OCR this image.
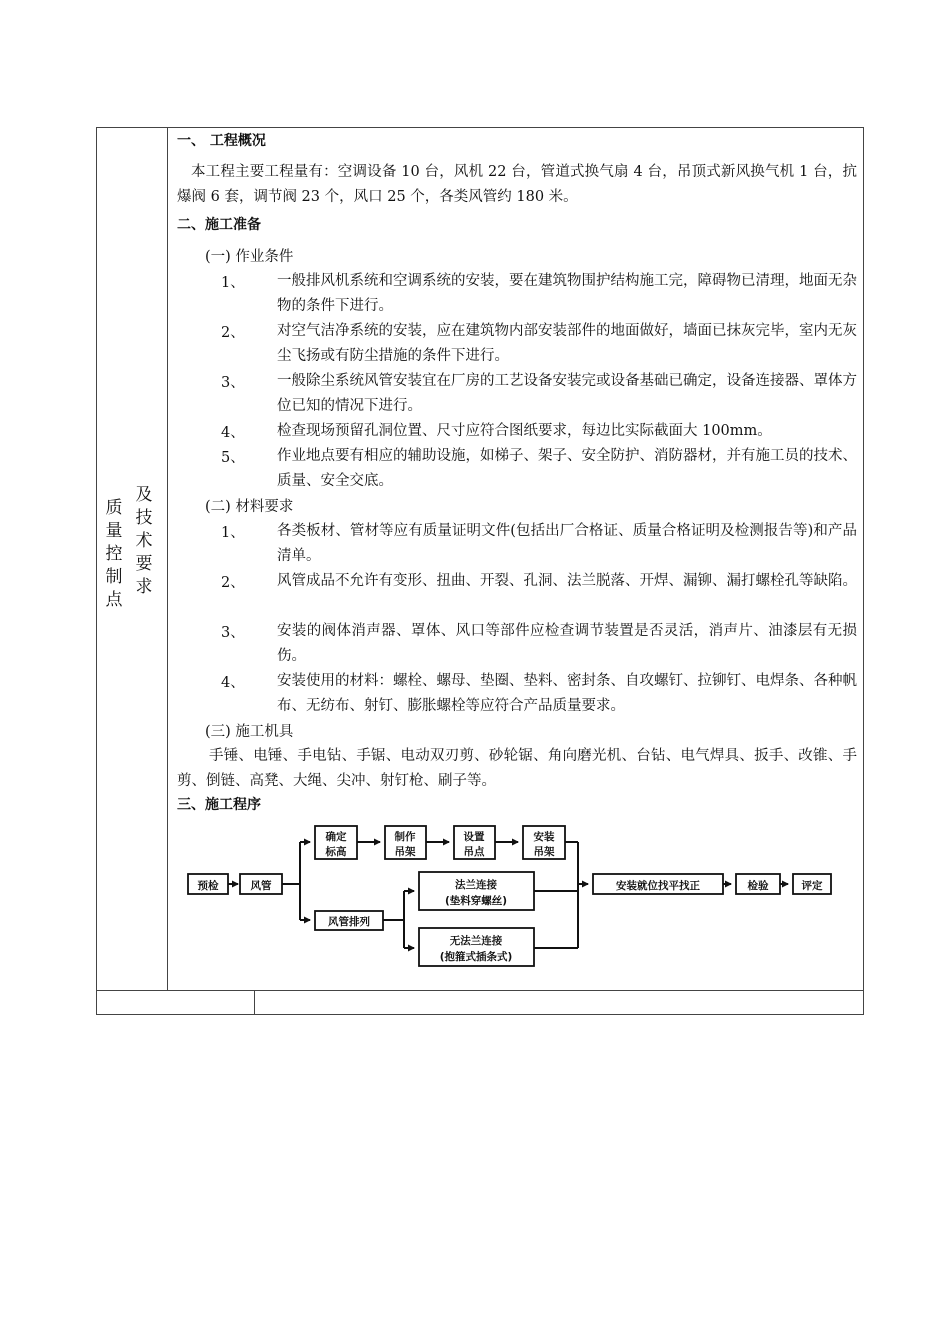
质
量
控
制
点
及
技
术
要
求
一、 工程概况
本工程主要工程量有：空调设备 10 台，风机 22 台，管道式换气扇 4 台，吊顶式新风换气机 1 台，抗爆阀 6 套，调节阀 23 个，风口 25 个，各类风管约 180 米。
二、施工准备
(一) 作业条件
1、	一般排风机系统和空调系统的安装，要在建筑物围护结构施工完，障碍物已清理，地面无杂物的条件下进行。
2、	对空气洁净系统的安装，应在建筑物内部安装部件的地面做好，墙面已抹灰完毕，室内无灰尘飞扬或有防尘措施的条件下进行。
3、	一般除尘系统风管安装宜在厂房的工艺设备安装完或设备基础已确定，设备连接器、罩体方位已知的情况下进行。
4、	检查现场预留孔洞位置、尺寸应符合图纸要求，每边比实际截面大 100mm。
5、	作业地点要有相应的辅助设施，如梯子、架子、安全防护、消防器材，并有施工员的技术、质量、安全交底。
(二) 材料要求
1、	各类板材、管材等应有质量证明文件(包括出厂合格证、质量合格证明及检测报告等)和产品清单。
2、	风管成品不允许有变形、扭曲、开裂、孔洞、法兰脱落、开焊、漏铆、漏打螺栓孔等缺陷。
3、	安装的阀体消声器、罩体、风口等部件应检查调节装置是否灵活，消声片、油漆层有无损伤。
4、	安装使用的材料：螺栓、螺母、垫圈、垫料、密封条、自攻螺钉、拉铆钉、电焊条、各种帆布、无纺布、射钉、膨胀螺栓等应符合产品质量要求。
(三) 施工机具
手锤、电锤、手电钻、手锯、电动双刃剪、砂轮锯、角向磨光机、台钻、电气焊具、扳手、改锥、手剪、倒链、高凳、大绳、尖冲、射钉枪、刷子等。
三、施工程序
预检	风管
确定
标高
制作
吊架
设置
吊点
安装
吊架
风管排列
法兰连接
(垫料穿螺丝)
无法兰连接
(抱箍式插条式)
安装就位找平找正	检验	评定
